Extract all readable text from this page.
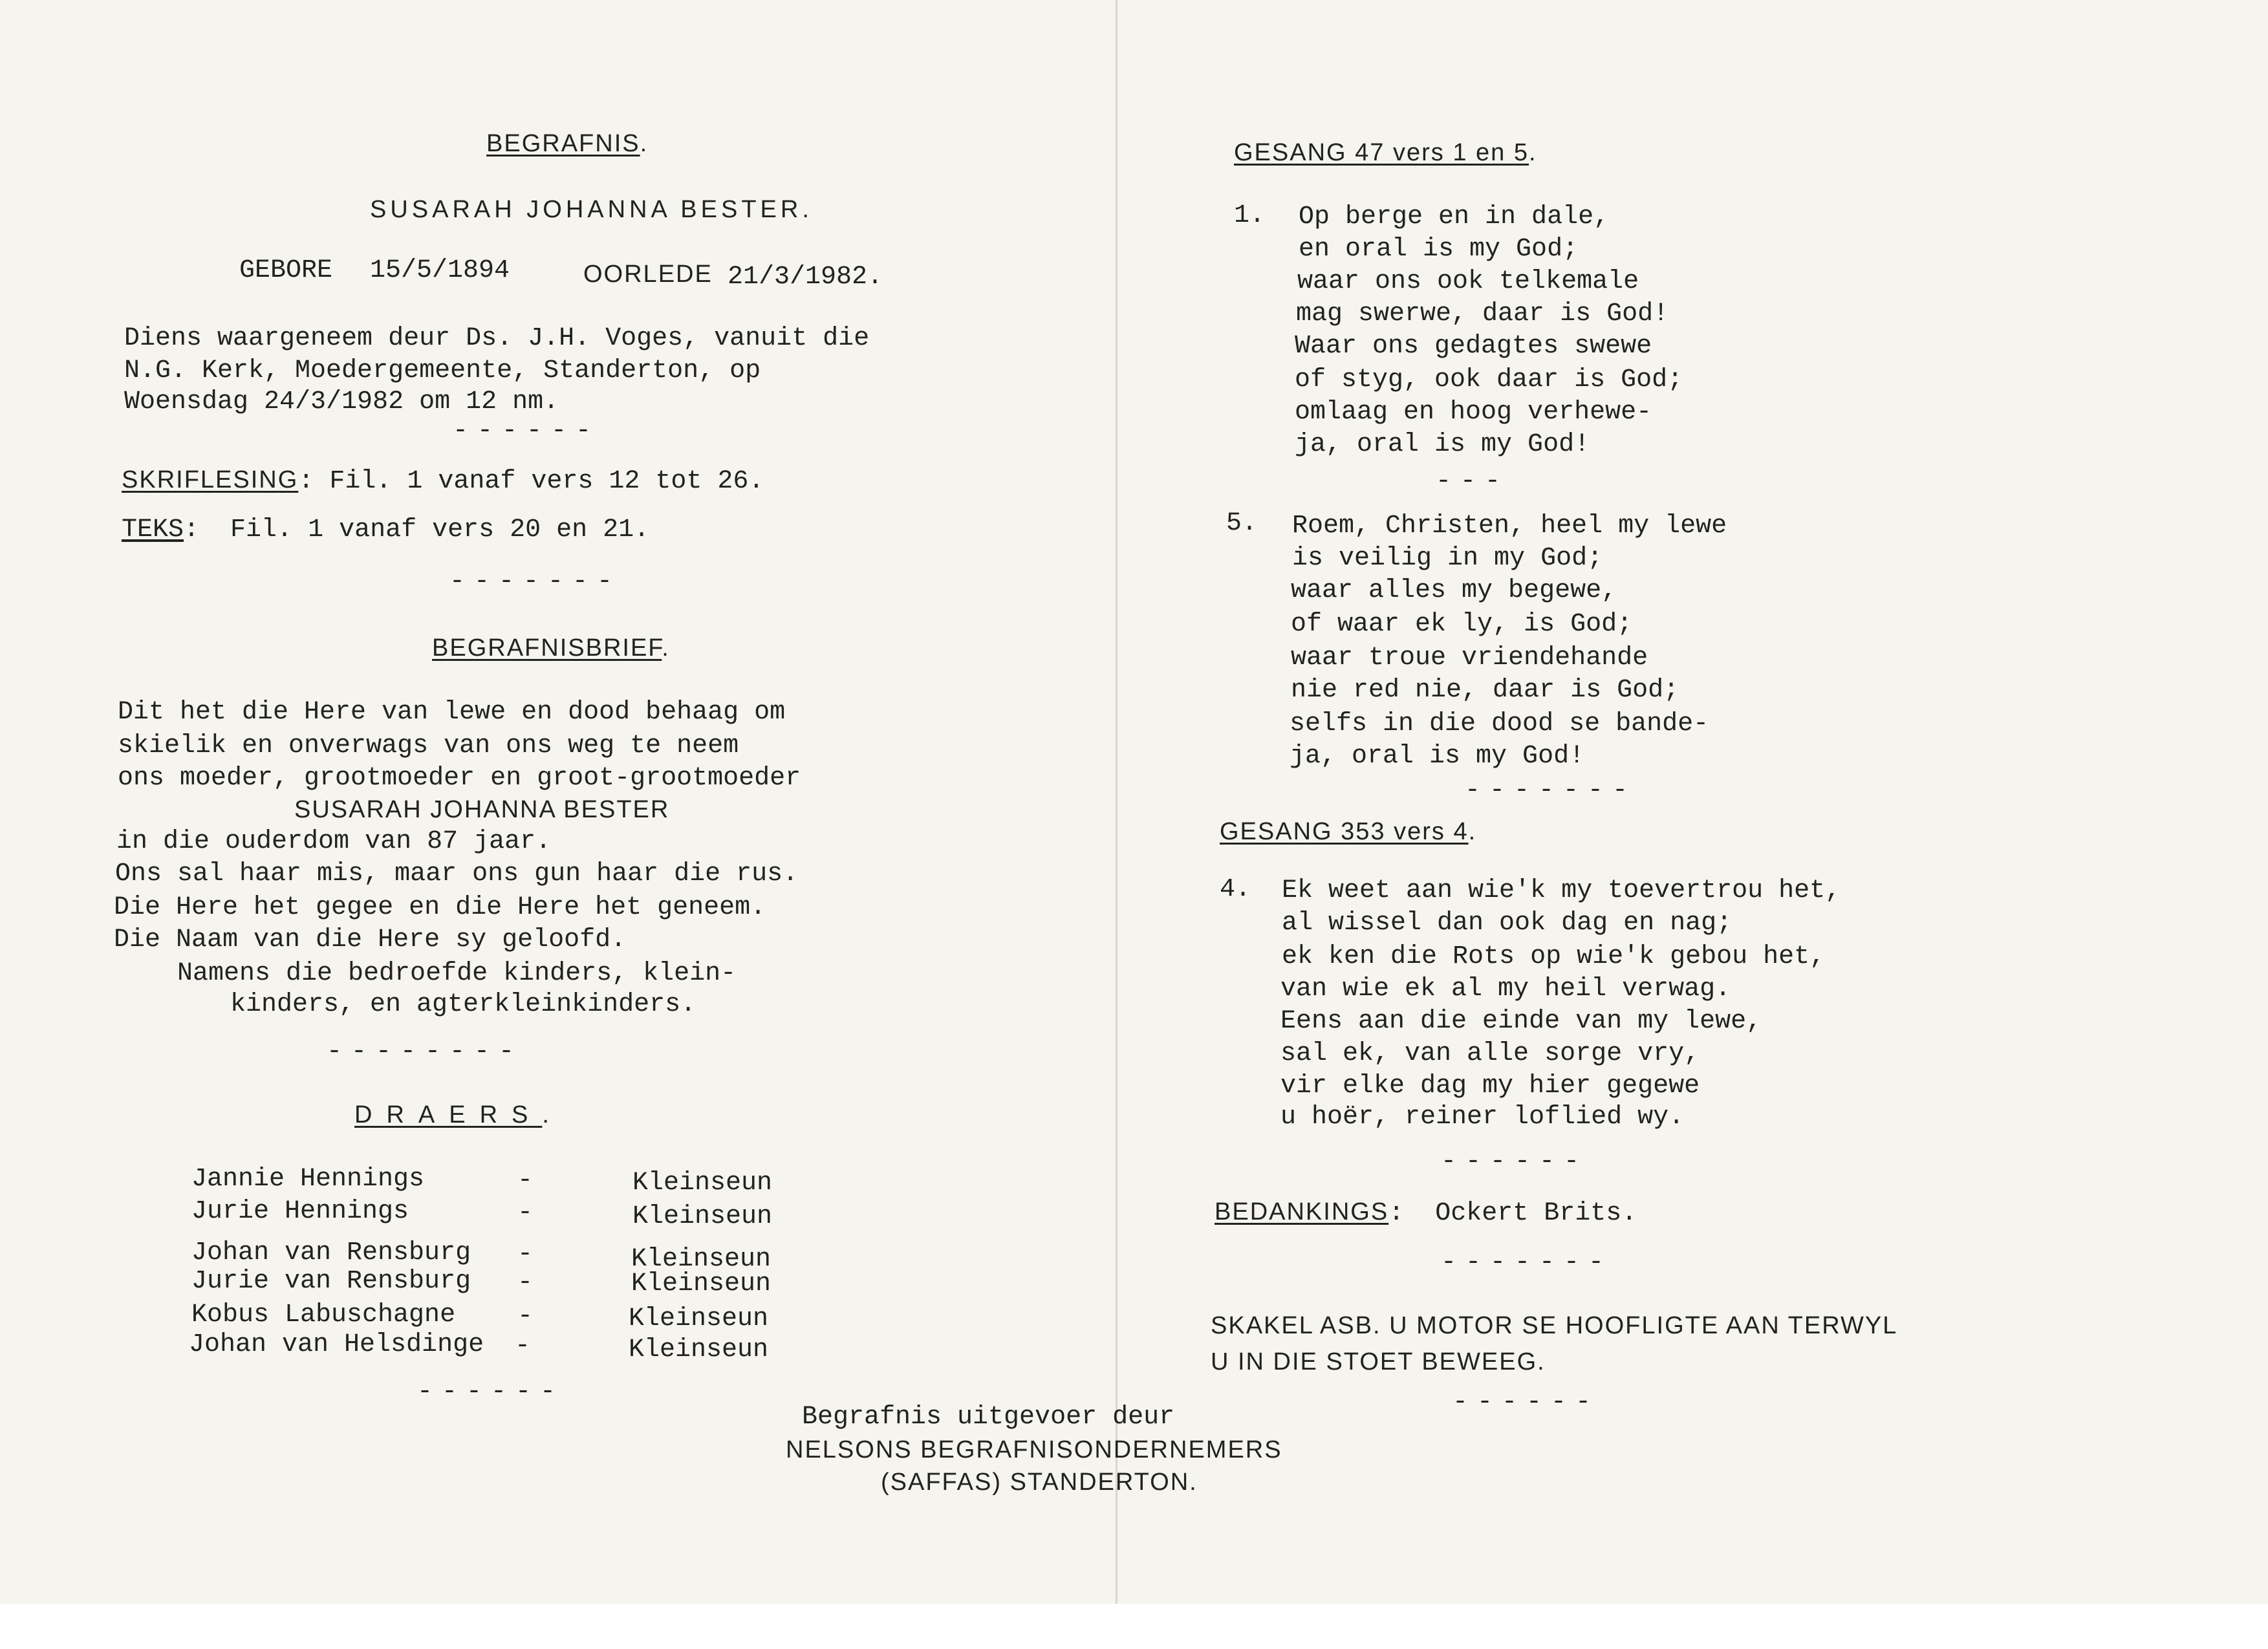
BEGRAFNIS.
SUSARAH JOHANNA BESTER.
GEBORE 15/5/1894	OORLEDE 21/3/1982.
Diens waargeneem deur Ds. J.H. Voges, vanuit die
N.G. Kerk, Moedergemeente, Standerton, op
Woensdag 24/3/1982 om 12 nm.
------
SKRIFLESING: Fil. 1 vanaf vers 12 tot 26.
TEKS: Fil. 1 vanaf vers 20 en 21.
-------
BEGRAFNISBRIEF.
Dit het die Here van lewe en dood behaag om
skielik en onverwags van ons weg te neem
ons moeder, grootmoeder en groot-grootmoeder
SUSARAH JOHANNA BESTER
in die ouderdom van 87 jaar.
Ons sal haar mis, maar ons gun haar die rus.
Die Here het gegee en die Here het geneem.
Die Naam van die Here sy geloofd.
Namens die bedroefde kinders, klein-
kinders, en agterkleinkinders.
--------
DRAERS.
Jannie Hennings	-	Kleinseun
Jurie Hennings	-	Kleinseun
Johan van Rensburg -	Kleinseun
Jurie van Rensburg -	Kleinseun
Kobus Labuschagne -	Kleinseun
Johan van Helsdinge -	Kleinseun
------
Begrafnis uitgevoer deur
NELSONS BEGRAFNISONDERNEMERS
(SAFFAS) STANDERTON.
GESANG 47 vers 1 en 5.
1. Op berge en in dale,
en oral is my God;
waar ons ook telkemale
mag swerwe, daar is God!
Waar ons gedagtes swewe
of styg, ook daar is God;
omlaag en hoog verhewe-
ja, oral is my God!
---
5. Roem, Christen, heel my lewe
is veilig in my God;
waar alles my begewe,
of waar ek ly, is God;
waar troue vriendehande
nie red nie, daar is God;
selfs in die dood se bande-
ja, oral is my God!
-------
GESANG 353 vers 4.
4. Ek weet aan wie'k my toevertrou het,
al wissel dan ook dag en nag;
ek ken die Rots op wie'k gebou het,
van wie ek al my heil verwag.
Eens aan die einde van my lewe,
sal ek, van alle sorge vry,
vir elke dag my hier gegewe
u hoër, reiner loflied wy.
------
BEDANKINGS: Ockert Brits.
-------
SKAKEL ASB. U MOTOR SE HOOFLIGTE AAN TERWYL
U IN DIE STOET BEWEEG.
------
